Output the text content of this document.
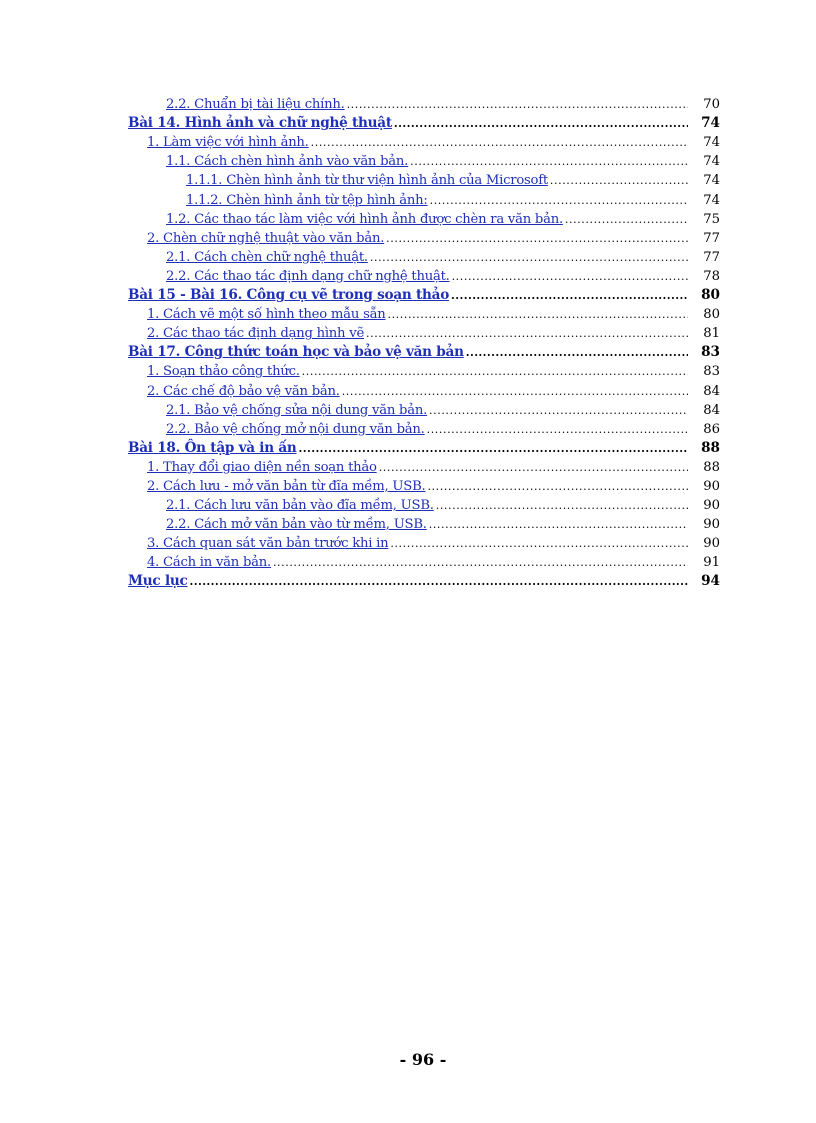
2.2. Chuẩn bị tài liệu chính. .....	70
Bài 14. Hình ảnh và chữ nghệ thuật .....	74
1. Làm việc với hình ảnh. .....	74
1.1. Cách chèn hình ảnh vào văn bản. .....	74
1.1.1. Chèn hình ảnh từ thư viện hình ảnh của Microsoft .....	74
1.1.2. Chèn hình ảnh từ tệp hình ảnh: .....	74
1.2. Các thao tác làm việc với hình ảnh được chèn ra văn bản. .....	75
2. Chèn chữ nghệ thuật vào văn bản. .....	77
2.1. Cách chèn chữ nghệ thuật. .....	77
2.2. Các thao tác định dạng chữ nghệ thuật. .....	78
Bài 15 - Bài 16. Công cụ vẽ trong soạn thảo .....	80
1. Cách vẽ một số hình theo mẫu sẵn .....	80
2. Các thao tác định dạng hình vẽ .....	81
Bài 17. Công thức toán học và bảo vệ văn bản .....	83
1. Soạn thảo công thức. .....	83
2. Các chế độ bảo vệ văn bản. .....	84
2.1. Bảo vệ chống sửa nội dung văn bản. .....	84
2.2. Bảo vệ chống mở nội dung văn bản. .....	86
Bài 18. Ôn tập và in ấn .....	88
1. Thay đổi giao diện nền soạn thảo .....	88
2. Cách lưu - mở văn bản từ đĩa mềm, USB. .....	90
2.1. Cách lưu văn bản vào đĩa mềm, USB. .....	90
2.2. Cách mở văn bản vào từ mềm, USB. .....	90
3. Cách quan sát văn bản trước khi in .....	90
4. Cách in văn bản. .....	91
Mục lục .....	94
- 96 -
